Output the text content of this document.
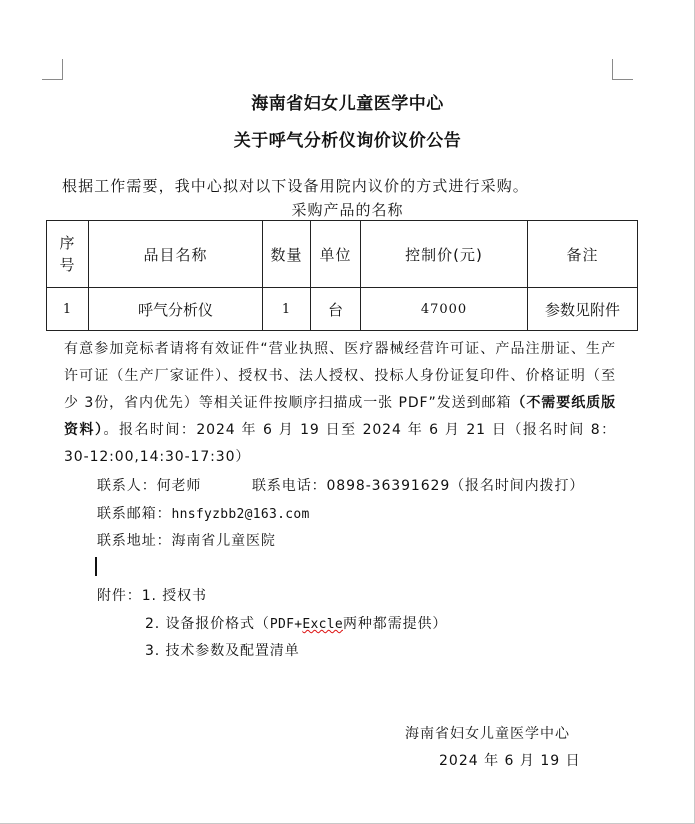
海南省妇女儿童医学中心
关于呼气分析仪询价议价公告
根据工作需要，我中心拟对以下设备用院内议价的方式进行采购。
采购产品的名称
序
号	品目名称	数量	单位	控制价(元)	备注
1	呼气分析仪	1	台	47000	参数见附件
有意参加竞标者请将有效证件“营业执照、医疗器械经营许可证、产品注册证、生产许可证（生产厂家证件）、授权书、法人授权、投标人身份证复印件、价格证明（至少 3份，省内优先）等相关证件按顺序扫描成一张 PDF”发送到邮箱（不需要纸质版资料）。报名时间：2024 年 6 月 19 日至 2024 年 6 月 21 日（报名时间 8：30-12:00,14:30-17:30）
联系人：何老师	联系电话：0898-36391629（报名时间内拨打）
联系邮箱：hnsfyzbb2@163.com
联系地址：海南省儿童医院
附件：1. 授权书
2. 设备报价格式（PDF+Excle两种都需提供）
3. 技术参数及配置清单
海南省妇女儿童医学中心
2024 年 6 月 19 日
